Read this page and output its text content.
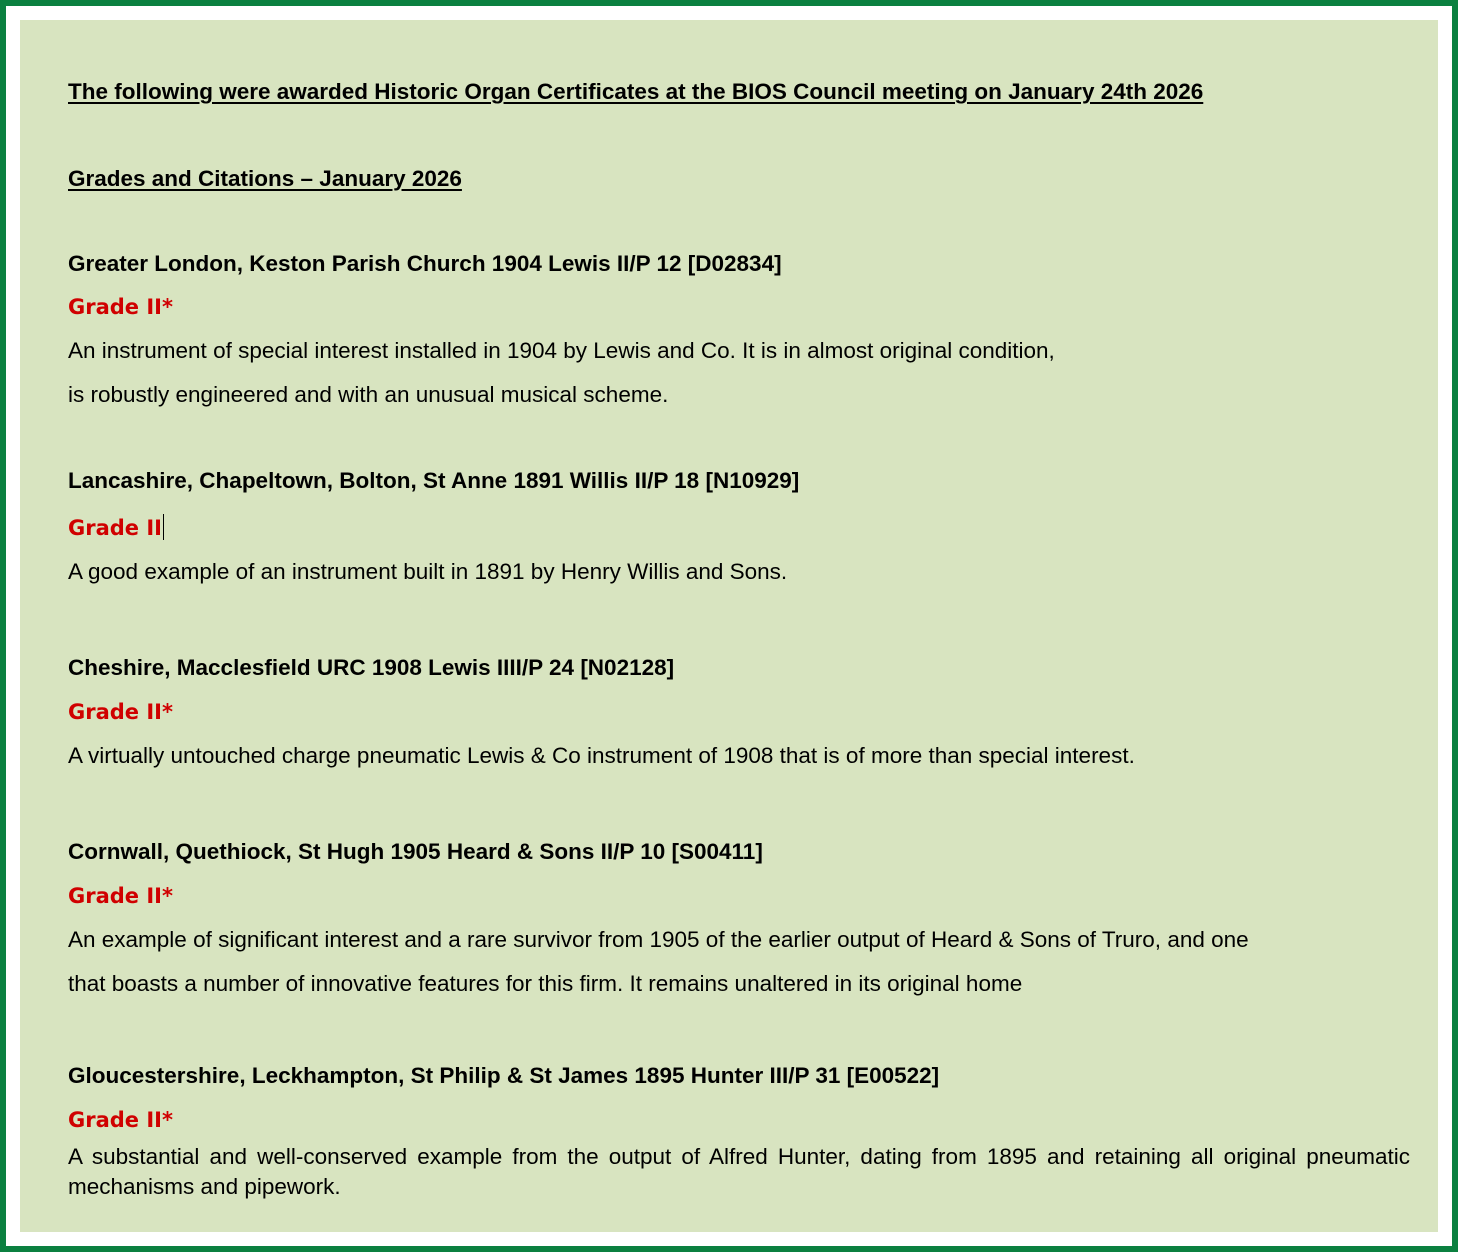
The following were awarded Historic Organ Certificates at the BIOS Council meeting on January 24th 2026

Grades and Citations – January 2026

Greater London, Keston Parish Church 1904 Lewis II/P 12 [D02834]

Grade II*

An instrument of special interest installed in 1904 by Lewis and Co. It is in almost original condition,
is robustly engineered and with an unusual musical scheme.

Lancashire, Chapeltown, Bolton, St Anne 1891 Willis II/P 18 [N10929]

Grade II

A good example of an instrument built in 1891 by Henry Willis and Sons.

Cheshire, Macclesfield URC 1908 Lewis IIII/P 24 [N02128]

Grade II*

A virtually untouched charge pneumatic Lewis & Co instrument of 1908 that is of more than special interest.

Cornwall, Quethiock, St Hugh 1905 Heard & Sons II/P 10 [S00411]

Grade II*

An example of significant interest and a rare survivor from 1905 of the earlier output of Heard & Sons of Truro, and one
that boasts a number of innovative features for this firm. It remains unaltered in its original home

Gloucestershire, Leckhampton, St Philip & St James 1895 Hunter III/P 31 [E00522]

Grade II*

A substantial and well-conserved example from the output of Alfred Hunter, dating from 1895 and retaining all original pneumatic mechanisms and pipework.
